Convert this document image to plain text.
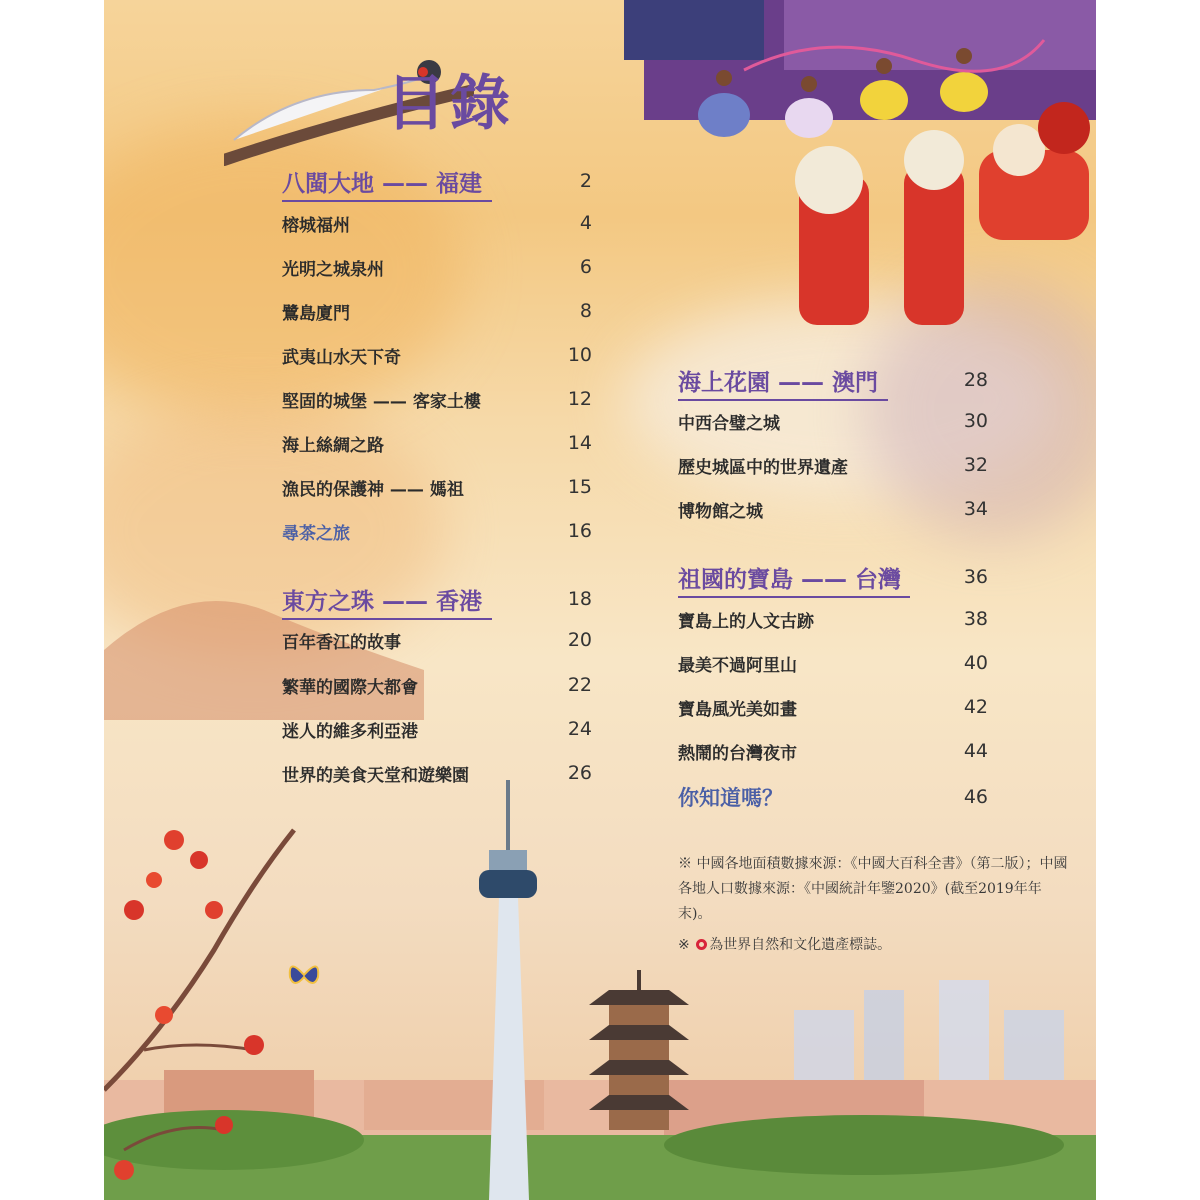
目錄
八閩大地 —— 福建	2
榕城福州	4
光明之城泉州	6
鷺島廈門	8
武夷山水天下奇	10
堅固的城堡 —— 客家土樓	12
海上絲綢之路	14
漁民的保護神 —— 媽祖	15
尋茶之旅	16
東方之珠 —— 香港	18
百年香江的故事	20
繁華的國際大都會	22
迷人的維多利亞港	24
世界的美食天堂和遊樂園	26
海上花園 —— 澳門	28
中西合璧之城	30
歷史城區中的世界遺產	32
博物館之城	34
祖國的寶島 —— 台灣	36
寶島上的人文古跡	38
最美不過阿里山	40
寶島風光美如畫	42
熱鬧的台灣夜市	44
你知道嗎？	46

※ 中國各地面積數據來源：《中國大百科全書》（第二版）；中國各地人口數據來源：《中國統計年鑒2020》(截至2019年年末)。

※ 為世界自然和文化遺產標誌。
